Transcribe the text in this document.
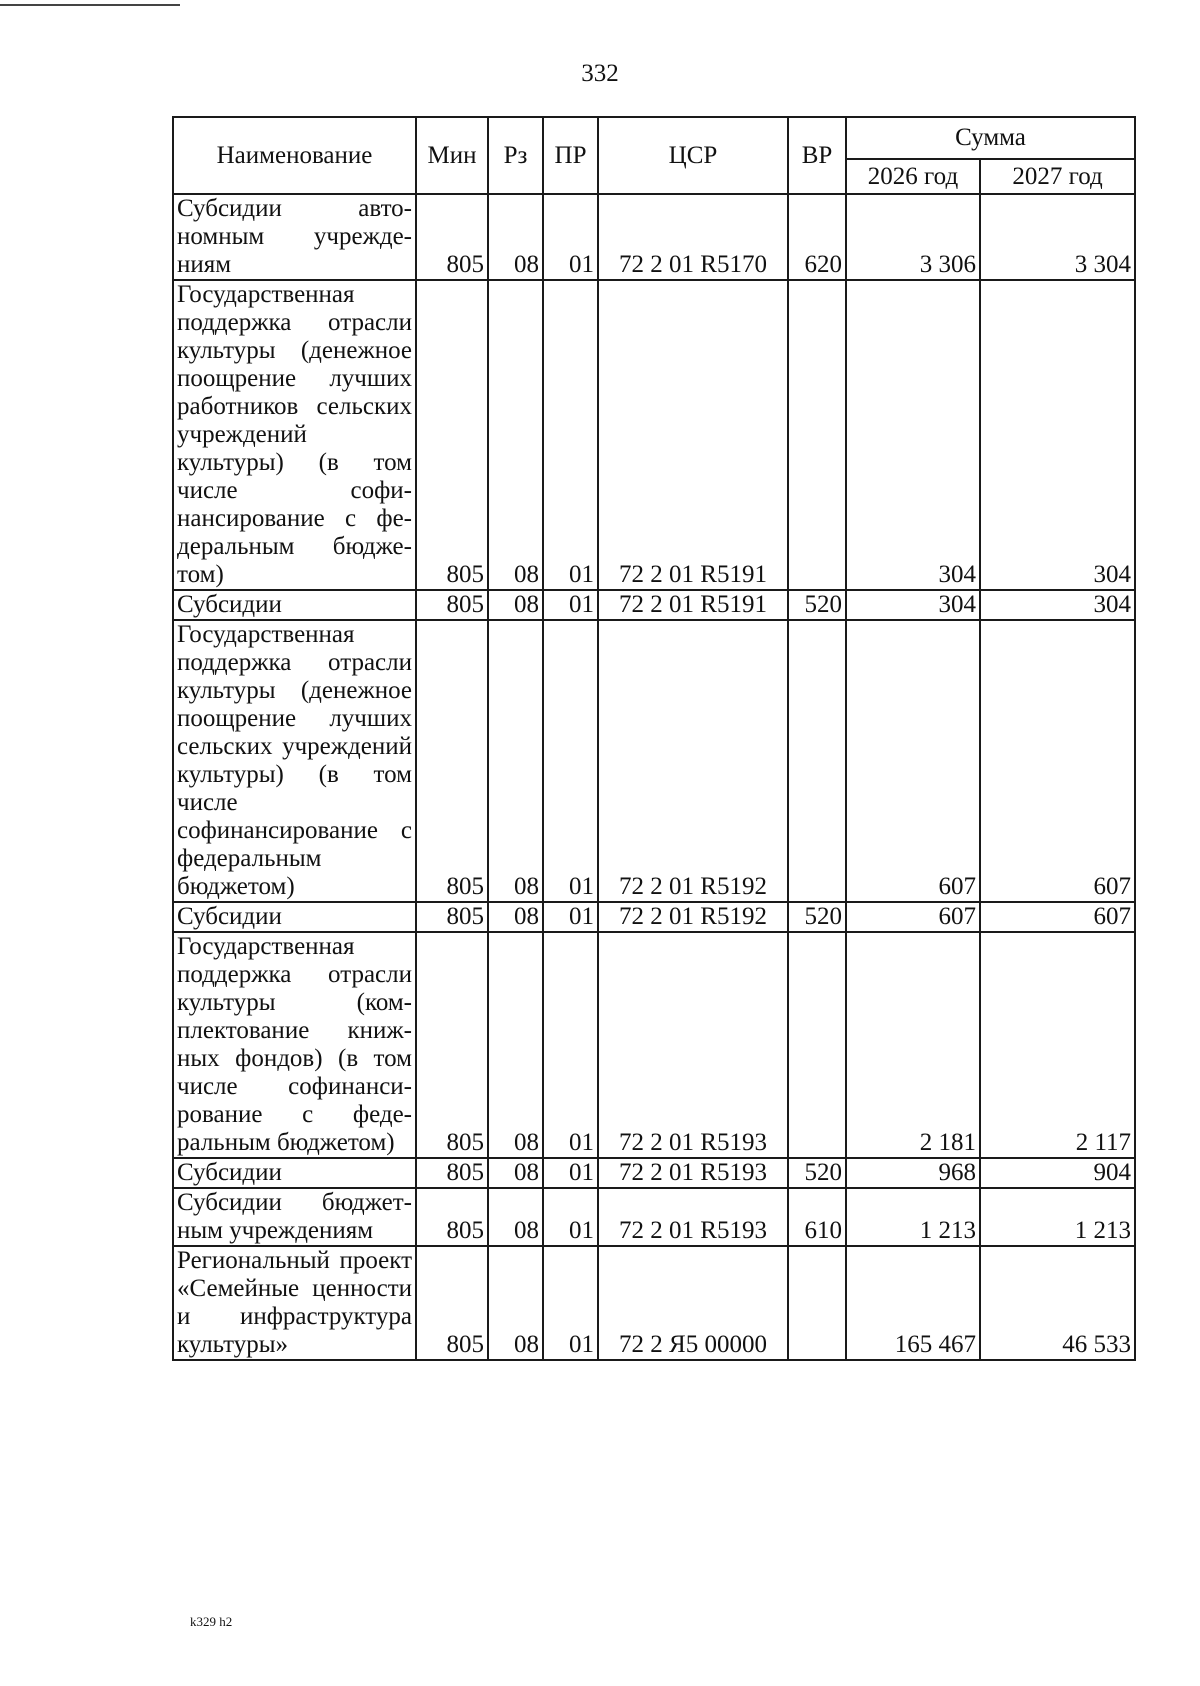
332
Наименование	Мин	Рз	ПР	ЦСР	ВР	Сумма	
						2026 год	2027 год
Субсидии автономным учреждениям	805	08	01	72 2 01 R5170	620	3 306	3 304
Государственная поддержка отрасли культуры (денежное поощрение лучших работников сельских учреждений культуры) (в том числе софинансирование с федеральным бюджетом)	805	08	01	72 2 01 R5191		304	304
Субсидии	805	08	01	72 2 01 R5191	520	304	304
Государственная поддержка отрасли культуры (денежное поощрение лучших сельских учреждений культуры) (в том числе софинансирование с федеральным бюджетом)	805	08	01	72 2 01 R5192		607	607
Субсидии	805	08	01	72 2 01 R5192	520	607	607
Государственная поддержка отрасли культуры (комплектование книжных фондов) (в том числе софинансирование с федеральным бюджетом)	805	08	01	72 2 01 R5193		2 181	2 117
Субсидии	805	08	01	72 2 01 R5193	520	968	904
Субсидии бюджетным учреждениям	805	08	01	72 2 01 R5193	610	1 213	1 213
Региональный проект «Семейные ценности и инфраструктура культуры»	805	08	01	72 2 Я5 00000		165 467	46 533
k329 h2
